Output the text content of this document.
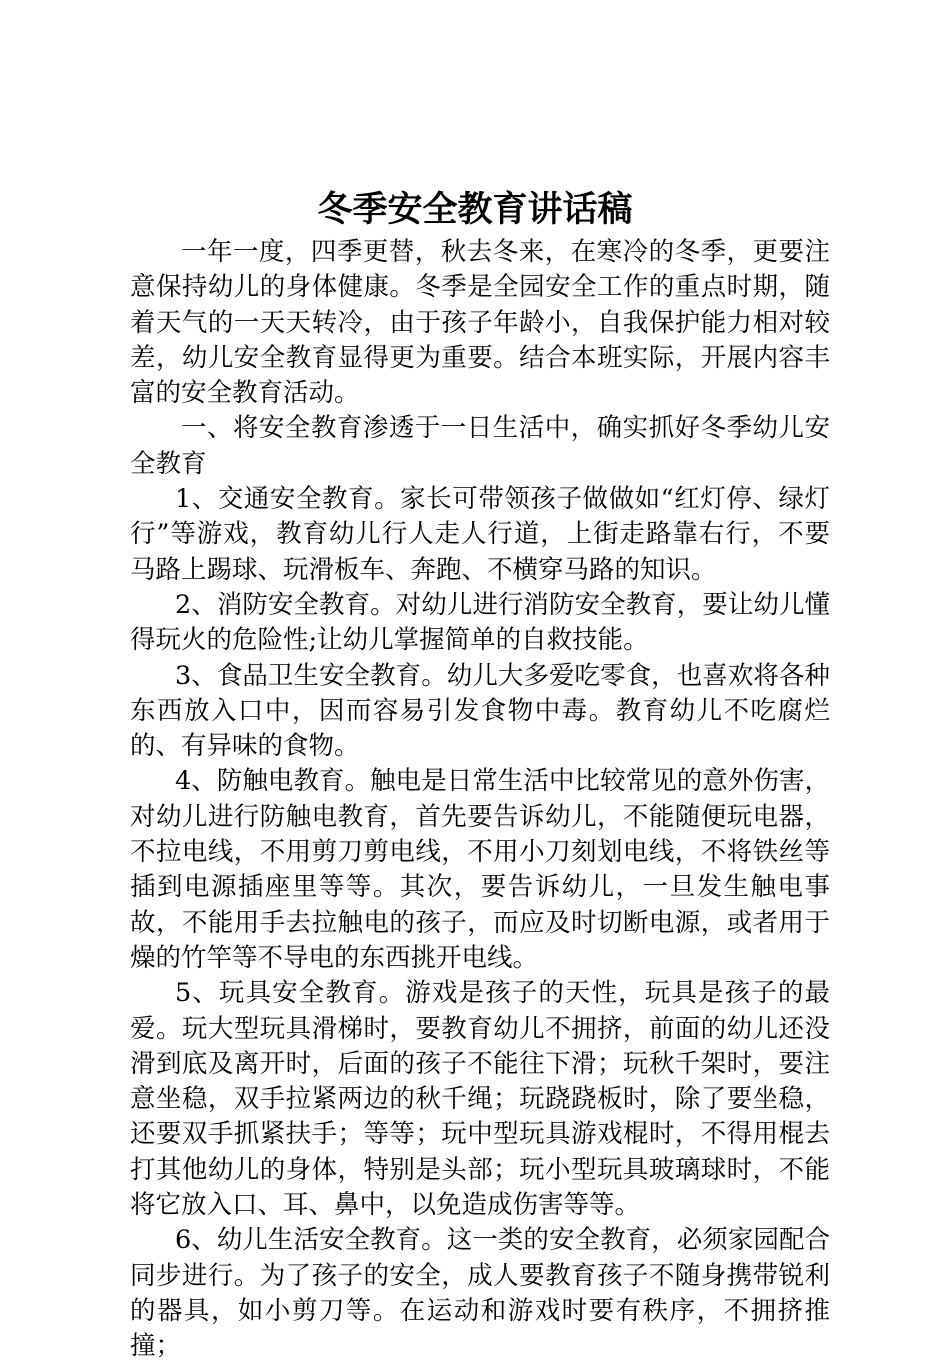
冬季安全教育讲话稿

一年一度，四季更替，秋去冬来，在寒冷的冬季，更要注意保持幼儿的身体健康。冬季是全园安全工作的重点时期，随着天气的一天天转冷，由于孩子年龄小，自我保护能力相对较差，幼儿安全教育显得更为重要。结合本班实际，开展内容丰富的安全教育活动。

一、将安全教育渗透于一日生活中，确实抓好冬季幼儿安全教育

1、交通安全教育。家长可带领孩子做做如“红灯停、绿灯行”等游戏，教育幼儿行人走人行道，上街走路靠右行，不要马路上踢球、玩滑板车、奔跑、不横穿马路的知识。

2、消防安全教育。对幼儿进行消防安全教育，要让幼儿懂得玩火的危险性;让幼儿掌握简单的自救技能。

3、食品卫生安全教育。幼儿大多爱吃零食，也喜欢将各种东西放入口中，因而容易引发食物中毒。教育幼儿不吃腐烂的、有异味的食物。

4、防触电教育。触电是日常生活中比较常见的意外伤害，对幼儿进行防触电教育，首先要告诉幼儿，不能随便玩电器，不拉电线，不用剪刀剪电线，不用小刀刻划电线，不将铁丝等插到电源插座里等等。其次，要告诉幼儿，一旦发生触电事故，不能用手去拉触电的孩子，而应及时切断电源，或者用于燥的竹竿等不导电的东西挑开电线。

5、玩具安全教育。游戏是孩子的天性，玩具是孩子的最爱。玩大型玩具滑梯时，要教育幼儿不拥挤，前面的幼儿还没滑到底及离开时，后面的孩子不能往下滑；玩秋千架时，要注意坐稳，双手拉紧两边的秋千绳；玩跷跷板时，除了要坐稳，还要双手抓紧扶手；等等；玩中型玩具游戏棍时，不得用棍去打其他幼儿的身体，特别是头部；玩小型玩具玻璃球时，不能将它放入口、耳、鼻中，以免造成伤害等等。

6、幼儿生活安全教育。这一类的安全教育，必须家园配合同步进行。为了孩子的安全，成人要教育孩子不随身携带锐利的器具，如小剪刀等。在运动和游戏时要有秩序，不拥挤推撞；
